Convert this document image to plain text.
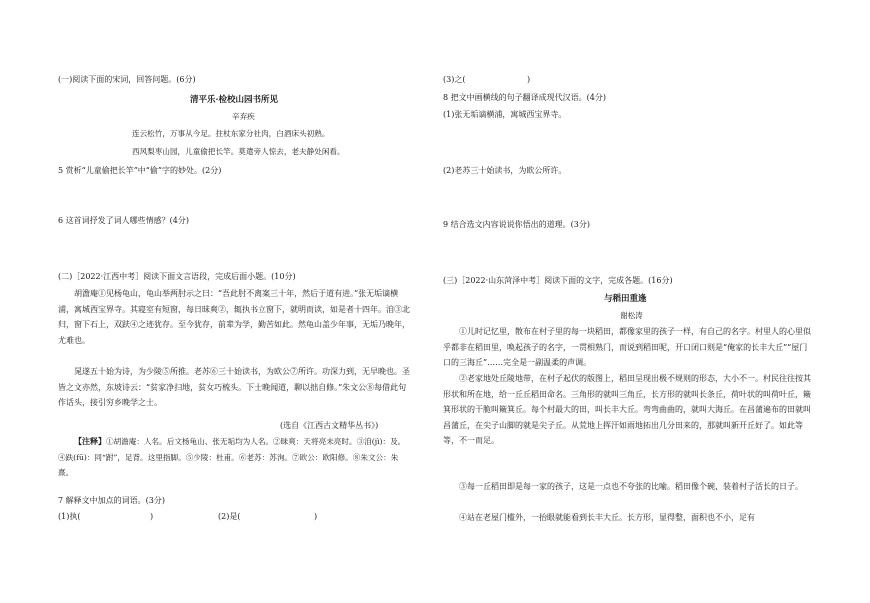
(一)阅读下面的宋词，回答问题。(6分)
清平乐·检校山园书所见
辛弃疾
连云松竹，万事从今足。拄杖东家分社肉，白酒床头初熟。
西风梨枣山园，儿童偷把长竿。莫遣旁人惊去，老夫静处闲看。
5 赏析“儿童偷把长竿”中“偷”字的妙处。(2分)
6 这首词抒发了词人哪些情感？(4分)
(二)［2022·江西中考］阅读下面文言语段，完成后面小题。(10分)
胡澹庵①见杨龟山，龟山举两肘示之曰：“吾此肘不离案三十年，然后于道有进。”张无垢谪横浦，寓城西宝界寺。其寝室有短窗，每日昧爽②，辄执书立窗下，就明而读，如是者十四年。洎③北归，窗下石上，双趺④之迹犹存。至今犹存，前辈为学，勤苦如此。然龟山盖少年事，无垢乃晚年，尤难也。
晁遂五十始为诗，为少陵⑤所推。老苏⑥三十始读书，为欧公⑦所许。功深力到，无早晚也。圣皆之文亦然，东坡诗云：“贫家净扫地，贫女巧梳头。下士晚闻道，聊以拙自修。”朱文公⑧每借此句作话头，接引穷乡晚学之士。
(选自《江西古文精华丛书》)
【注释】①胡澹庵：人名。后文杨龟山、张无垢均为人名。②昧爽：天将亮未亮时。③洎(jì)：及。④趺(fū)：同“跗”，足背。这里指脚。⑤少陵：杜甫。⑥老苏：苏洵。⑦欧公：欧阳修。⑧朱文公：朱熹。
7 解释文中加点的词语。(3分)
(1)执(	)	(2)是(	)
(3)之(	)
8 把文中画横线的句子翻译成现代汉语。(4分)
(1)张无垢谪横浦，寓城西宝界寺。
(2)老苏三十始读书，为欧公所许。
9 结合选文内容说说你悟出的道理。(3分)
(三)［2022·山东菏泽中考］阅读下面的文字，完成各题。(16分)
与稻田重逢
谢松涛
①儿时记忆里，散布在村子里的每一块稻田，都像家里的孩子一样，有自己的名字。村里人的心里似乎都非在稻田里，唤起孩子的名字，一贯相熟门，而说到稻田呢，开口闭口则是“俺家的长丰大丘”“屋门口的三海丘”……完全是一副温柔的声调。
②老家地处丘陵地带，在村子起伏的版图上，稻田呈现出极不规则的形态，大小不一。村民往往按其形状和所在地，给一丘丘稻田命名。三角形的就叫三角丘，长方形的就叫长条丘，荷叶状的叫荷叶丘，簸箕形状的干脆叫簸箕丘。每个村最大的田，叫长丰大丘。弯弯曲曲的，就叫大海丘。在昌蒲遍布的田就叫昌蒲丘，在尖子山脚的就是尖子丘。从荒地上挥汗如雨地拓出几分田来的，那就叫新开丘好了。如此等等，不一而足。
③每一丘稻田即是每一家的孩子，这是一点也不夸张的比喻。稻田像个碗，装着村子活长的日子。
④站在老屋门槛外，一抬眼就能看到长丰大丘。长方形，显得整，面积也不小，足有
